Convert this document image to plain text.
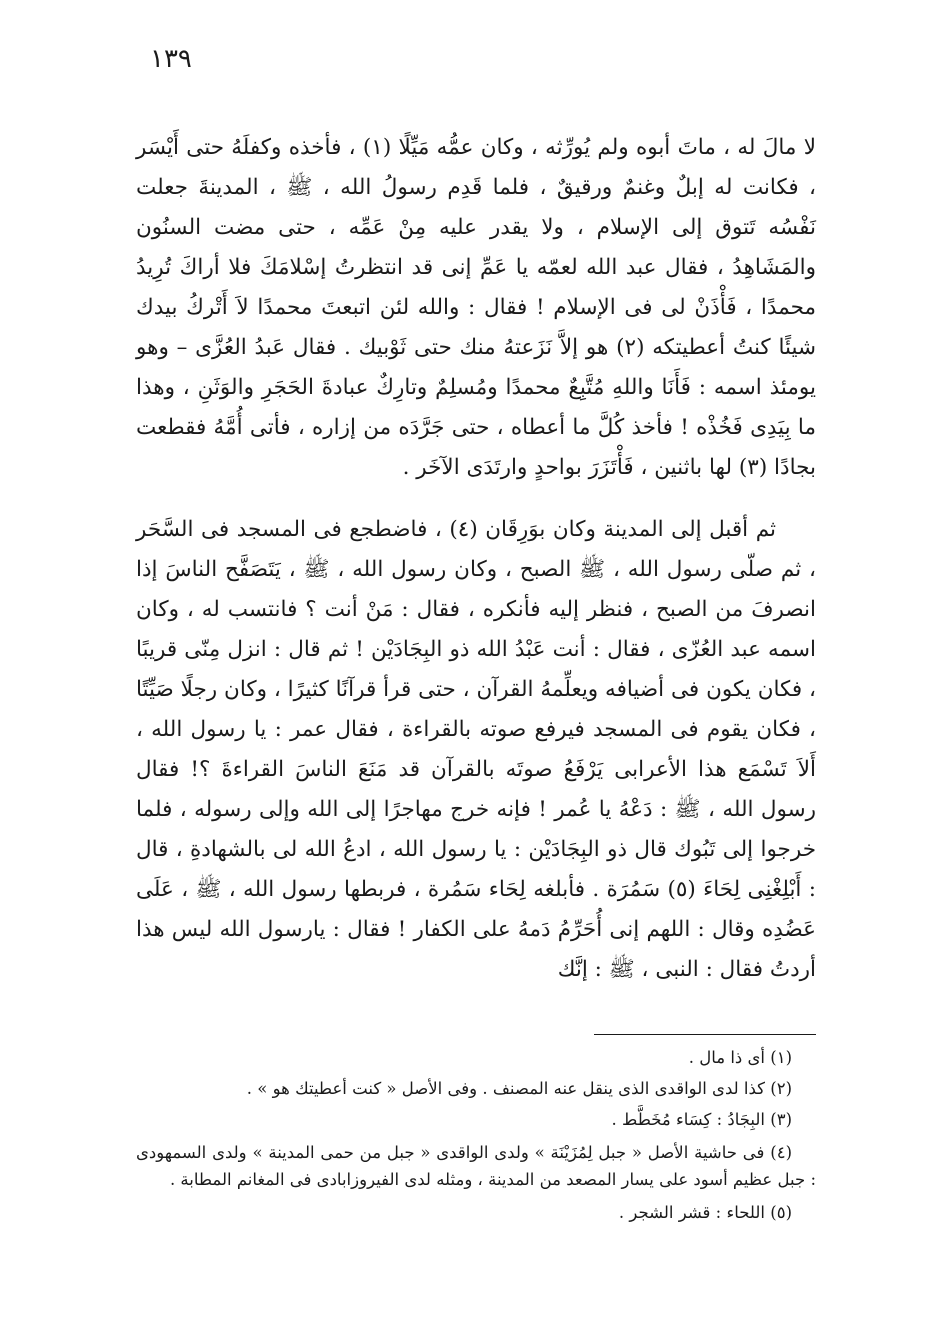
١٣٩

لا مالَ له ، ماتَ أبوه ولم يُورِّثه ، وكان عمُّه مَيِّلًا (١) ، فأخذه وكفلَهُ حتى أَيْسَر ، فكانت له إبلٌ وغنمٌ ورقيقٌ ، فلما قَدِم رسولُ الله ، ﷺ ، المدينةَ جعلت نَفْسُه تَتوق إلى الإسلام ، ولا يقدر عليه مِنْ عَمِّه ، حتى مضت السنُون والمَشَاهِدُ ، فقال عبد الله لعمّه يا عَمِّ إنى قد انتظرتُ إسْلامَكَ فلا أراكَ تُرِيدُ محمدًا ، فَأْذَنْ لى فى الإسلام ! فقال : والله لئن اتبعتَ محمدًا لاَ أَتْركُ بيدك شيئًا كنتُ أعطيتكه (٢) هو إلاَّ نَزَعتهُ منك حتى ثَوْبيك . فقال عَبدُ العُزَّى – وهو يومئذ اسمه : فَأَنَا واللهِ مُتَّبِعٌ محمدًا ومُسلِمٌ وتارِكٌ عبادةَ الحَجَرِ والوَثَنِ ، وهذا ما بِيَدِى فَخُذْه ! فأخذ كُلَّ ما أعطاه ، حتى جَرَّدَه من إزاره ، فأتى أُمَّهُ فقطعت بجادًا (٣) لها باثنين ، فَأْتَزَرَ بواحدٍ وارتَدَى الآخَر .

ثم أقبل إلى المدينة وكان بوَرِقَان (٤) ، فاضطجع فى المسجد فى السَّحَر ، ثم صلّى رسول الله ، ﷺ الصبح ، وكان رسول الله ، ﷺ ، يَتَصَفَّح الناسَ إذا انصرفَ من الصبح ، فنظر إليه فأنكره ، فقال : مَنْ أنت ؟ فانتسب له ، وكان اسمه عبد العُزّى ، فقال : أنت عَبْدُ الله ذو البِجَادَيْن ! ثم قال : انزل مِنّى قريبًا ، فكان يكون فى أضيافه ويعلِّمهُ القرآن ، حتى قرأ قرآنًا كثيرًا ، وكان رجلًا صَيِّتًا ، فكان يقوم فى المسجد فيرفع صوته بالقراءة ، فقال عمر : يا رسول الله ، أَلاَ تَسْمَع هذا الأعرابى يَرْفَعُ صوتَه بالقرآن قد مَنَعَ الناسَ القراءةَ ؟! فقال رسول الله ، ﷺ : دَعْهُ يا عُمر ! فإنه خرج مهاجرًا إلى الله وإلى رسوله ، فلما خرجوا إلى تَبُوك قال ذو البِجَادَيْن : يا رسول الله ، ادعُ الله لى بالشهادةِ ، قال : أَبْلِغْنِى لِحَاءَ (٥) سَمُرَة . فأبلغه لِحَاء سَمُرة ، فربطها رسول الله ، ﷺ ، عَلَى عَضُدِه وقال : اللهم إنى أُحَرِّمُ دَمهُ على الكفار ! فقال : يارسول الله ليس هذا أردتُ فقال : النبى ، ﷺ : إنَّك

(١) أى ذا مال .

(٢) كذا لدى الواقدى الذى ينقل عنه المصنف . وفى الأصل « كنت أعطيتك هو » .

(٣) البِجَادُ : كِسَاء مُخَطَّط .

(٤) فى حاشية الأصل « جبل لِمُزَيْنَة » ولدى الواقدى « جبل من حمى المدينة » ولدى السمهودى : جبل عظيم أسود على يسار المصعد من المدينة ، ومثله لدى الفيروزابادى فى المغانم المطابة .

(٥) اللحاء : قشر الشجر .
